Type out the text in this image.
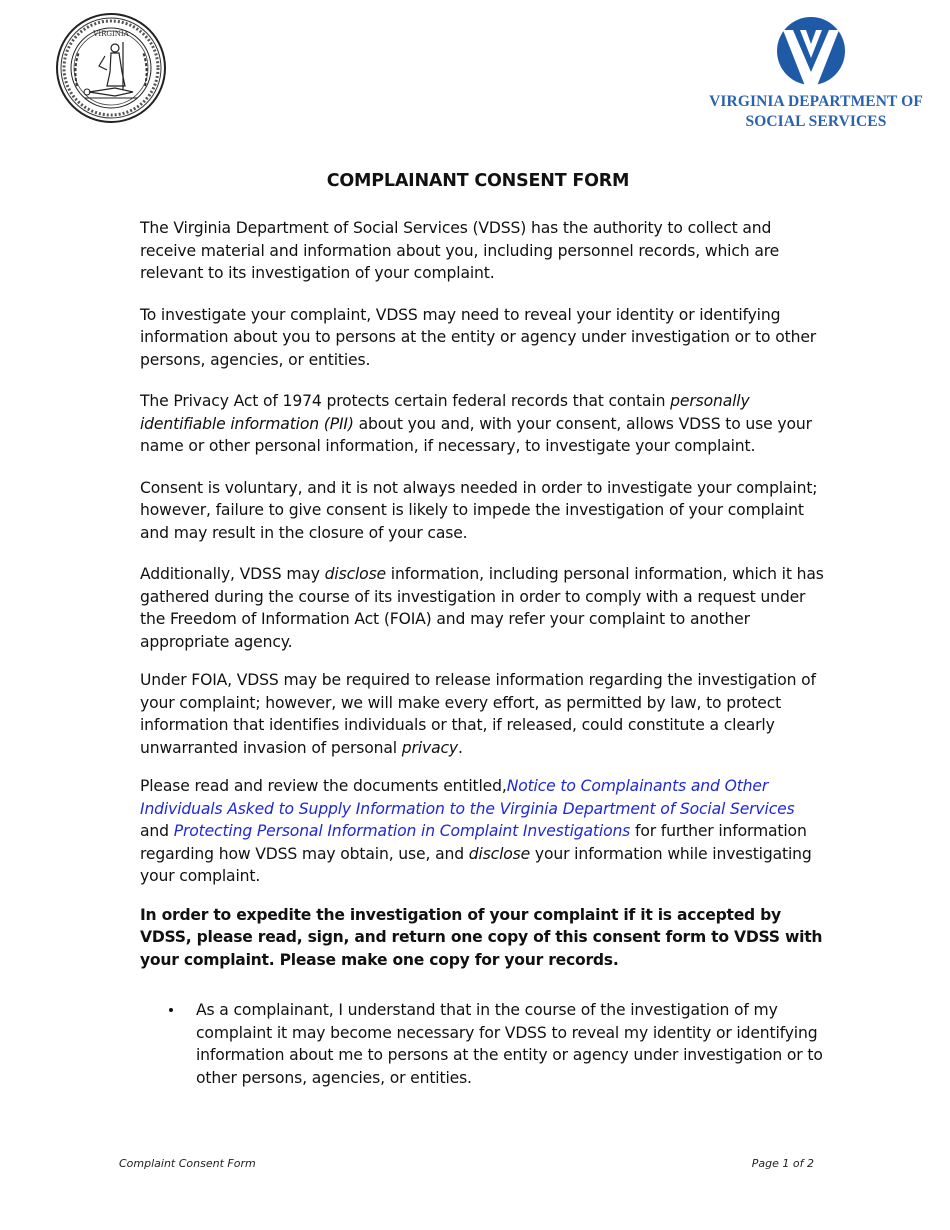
VIRGINIA
VIRGINIA DEPARTMENT OF
SOCIAL SERVICES
COMPLAINANT CONSENT FORM

The Virginia Department of Social Services (VDSS) has the authority to collect and receive material and information about you, including personnel records, which are relevant to its investigation of your complaint.

To investigate your complaint, VDSS may need to reveal your identity or identifying information about you to persons at the entity or agency under investigation or to other persons, agencies, or entities.

The Privacy Act of 1974 protects certain federal records that contain personally identifiable information (PII) about you and, with your consent, allows VDSS to use your name or other personal information, if necessary, to investigate your complaint.

Consent is voluntary, and it is not always needed in order to investigate your complaint; however, failure to give consent is likely to impede the investigation of your complaint and may result in the closure of your case.

Additionally, VDSS may disclose information, including personal information, which it has gathered during the course of its investigation in order to comply with a request under the Freedom of Information Act (FOIA) and may refer your complaint to another appropriate agency.

Under FOIA, VDSS may be required to release information regarding the investigation of your complaint; however, we will make every effort, as permitted by law, to protect information that identifies individuals or that, if released, could constitute a clearly unwarranted invasion of personal privacy.

Please read and review the documents entitled,Notice to Complainants and Other Individuals Asked to Supply Information to the Virginia Department of Social Services
and Protecting Personal Information in Complaint Investigations for further information regarding how VDSS may obtain, use, and disclose your information while investigating your complaint.

In order to expedite the investigation of your complaint if it is accepted by VDSS, please read, sign, and return one copy of this consent form to VDSS with your complaint. Please make one copy for your records.

As a complainant, I understand that in the course of the investigation of my complaint it may become necessary for VDSS to reveal my identity or identifying information about me to persons at the entity or agency under investigation or to other persons, agencies, or entities.
Complaint Consent Form	Page 1 of 2
